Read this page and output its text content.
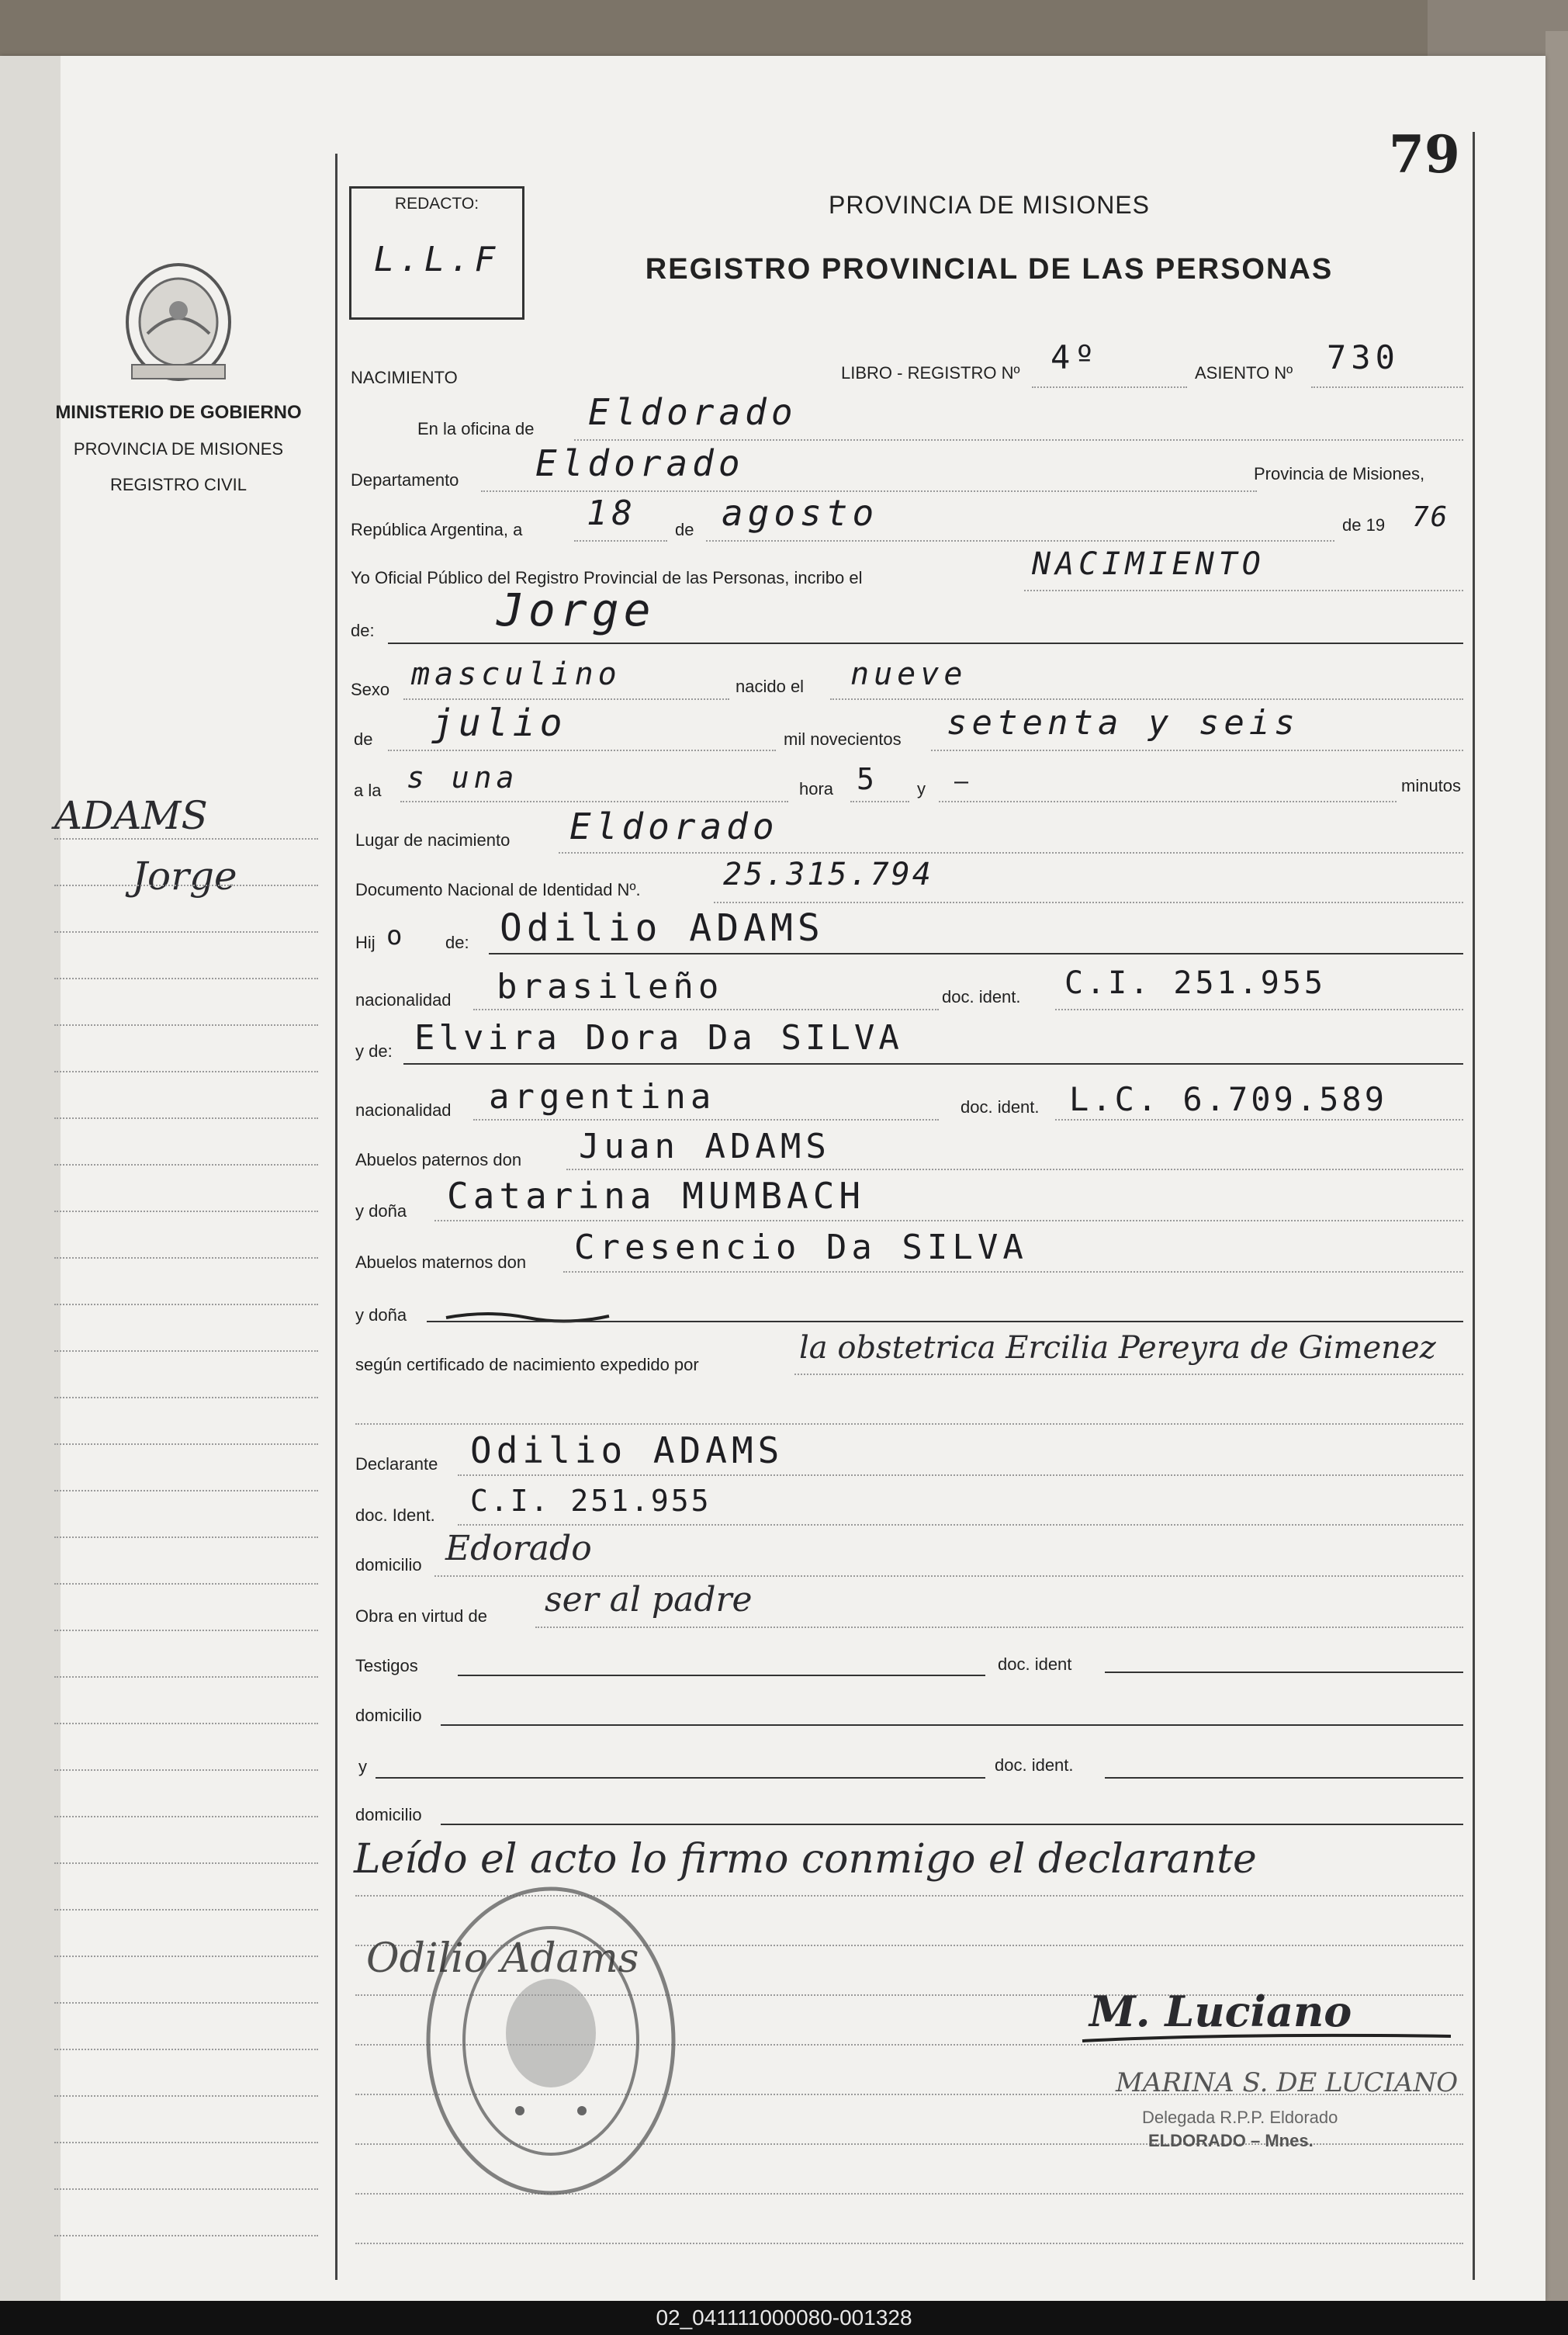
79
REDACTO:
L.L.F
PROVINCIA DE MISIONES
REGISTRO PROVINCIAL DE LAS PERSONAS
MINISTERIO DE GOBIERNO
PROVINCIA DE MISIONES
REGISTRO CIVIL
ADAMS
Jorge
NACIMIENTO	LIBRO - REGISTRO Nº 4º	ASIENTO Nº 730
En la oficina de Eldorado
Departamento Eldorado	Provincia de Misiones,
República Argentina, a 18 de agosto	de 19 76
Yo Oficial Público del Registro Provincial de las Personas, incribo el	NACIMIENTO
de:	Jorge
Sexo masculino	nacido el nueve
de julio	mil novecientos setenta y seis
a la s una	hora 5 y –	minutos
Lugar de nacimiento Eldorado
Documento Nacional de Identidad Nº.	25.315.794
Hij o	de: Odilio ADAMS
nacionalidad brasileño	doc. ident. C.I. 251.955
y de: Elvira Dora Da SILVA
nacionalidad argentina	doc. ident. L.C. 6.709.589
Abuelos paternos don Juan ADAMS
y doña Catarina MUMBACH
Abuelos maternos don Cresencio Da SILVA
y doña
según certificado de nacimiento expedido por	la obstetrica Ercilia Pereyra de Gimenez
Declarante Odilio ADAMS
doc. Ident. C.I. 251.955
domicilio Edorado
Obra en virtud de ser al padre
Testigos	doc. ident
domicilio
y	doc. ident.
domicilio
Leído el acto lo firmo conmigo el declarante
Odilio Adams
M. Luciano
MARINA S. DE LUCIANO
Delegada R.P.P. Eldorado
ELDORADO – Mnes.
02_041111000080-001328
